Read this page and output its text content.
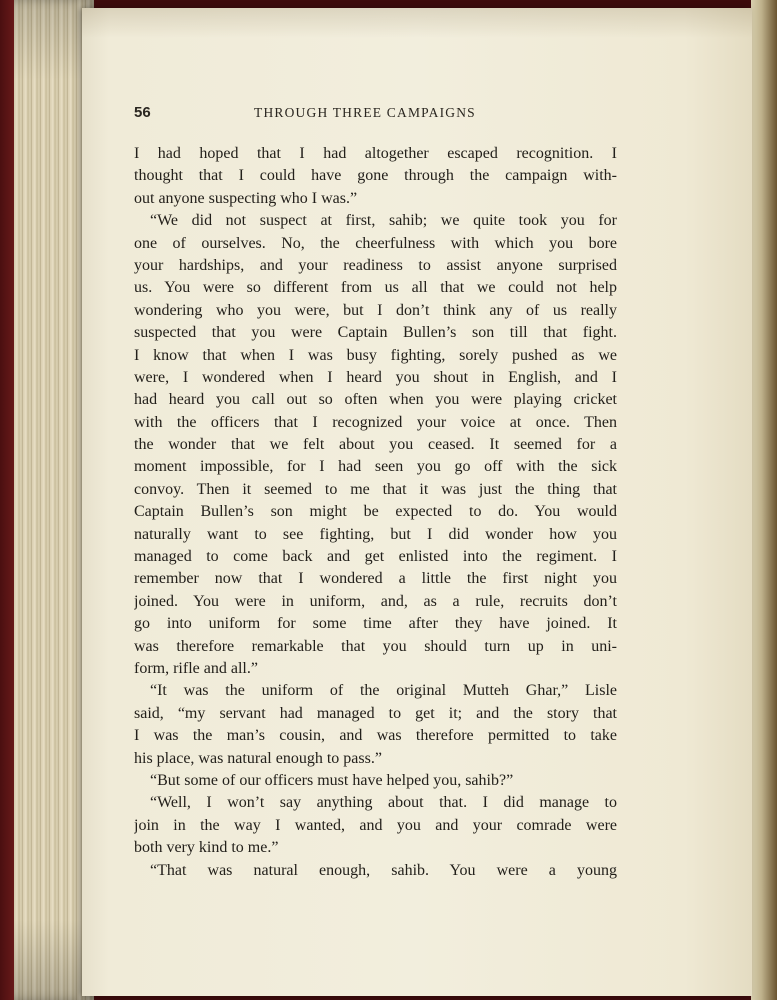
56	THROUGH THREE CAMPAIGNS
I had hoped that I had altogether escaped recognition. I
thought that I could have gone through the campaign with-
out anyone suspecting who I was.”
“We did not suspect at first, sahib; we quite took you for
one of ourselves. No, the cheerfulness with which you bore
your hardships, and your readiness to assist anyone surprised
us. You were so different from us all that we could not help
wondering who you were, but I don’t think any of us really
suspected that you were Captain Bullen’s son till that fight.
I know that when I was busy fighting, sorely pushed as we
were, I wondered when I heard you shout in English, and I
had heard you call out so often when you were playing cricket
with the officers that I recognized your voice at once. Then
the wonder that we felt about you ceased. It seemed for a
moment impossible, for I had seen you go off with the sick
convoy. Then it seemed to me that it was just the thing that
Captain Bullen’s son might be expected to do. You would
naturally want to see fighting, but I did wonder how you
managed to come back and get enlisted into the regiment. I
remember now that I wondered a little the first night you
joined. You were in uniform, and, as a rule, recruits don’t
go into uniform for some time after they have joined. It
was therefore remarkable that you should turn up in uni-
form, rifle and all.”
“It was the uniform of the original Mutteh Ghar,” Lisle
said, “my servant had managed to get it; and the story that
I was the man’s cousin, and was therefore permitted to take
his place, was natural enough to pass.”
“But some of our officers must have helped you, sahib?”
“Well, I won’t say anything about that. I did manage to
join in the way I wanted, and you and your comrade were
both very kind to me.”
“That was natural enough, sahib. You were a young
